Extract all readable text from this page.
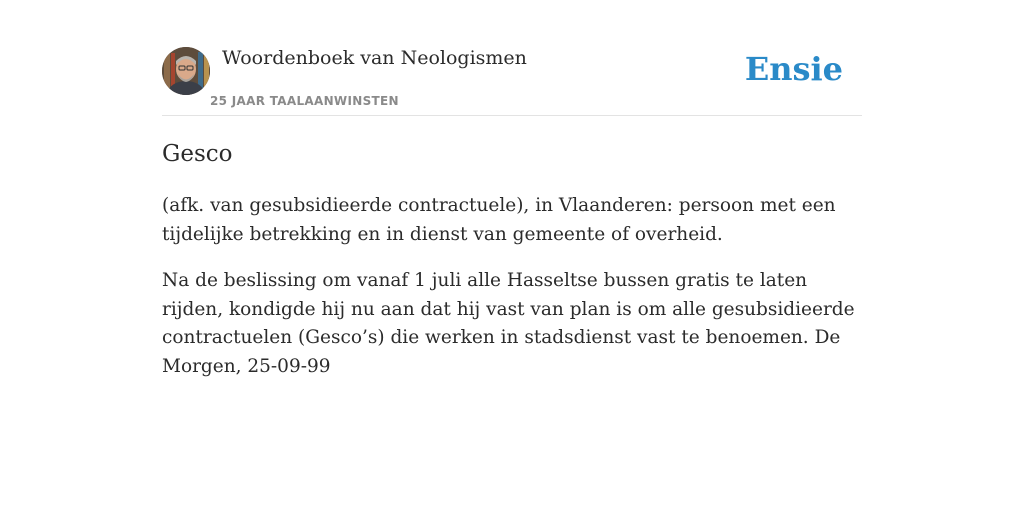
Woordenboek van Neologismen
25 JAAR TAALAANWINSTEN
Ensie
Gesco

(afk. van gesubsidieerde contractuele), in Vlaanderen: persoon met een tijdelijke betrekking en in dienst van gemeente of overheid.

Na de beslissing om vanaf 1 juli alle Hasseltse bussen gratis te laten rijden, kondigde hij nu aan dat hij vast van plan is om alle gesubsidieerde contractuelen (Gesco’s) die werken in stadsdienst vast te benoemen. De Morgen, 25-09-99
